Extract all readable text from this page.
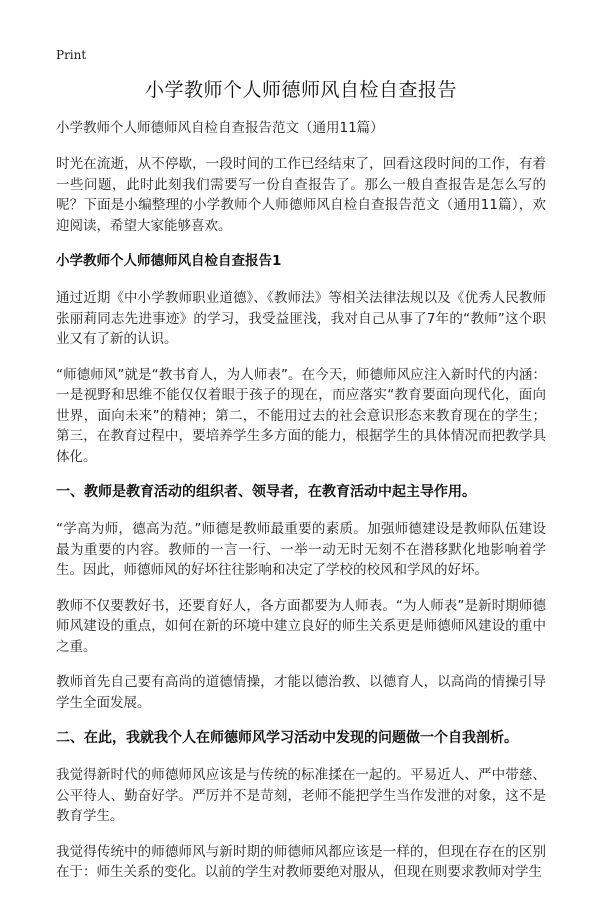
Print
小学教师个人师德师风自检自查报告
小学教师个人师德师风自检自查报告范文（通用11篇）

时光在流逝，从不停歇，一段时间的工作已经结束了，回看这段时间的工作，有着一些问题，此时此刻我们需要写一份自查报告了。那么一般自查报告是怎么写的呢？下面是小编整理的小学教师个人师德师风自检自查报告范文（通用11篇），欢迎阅读，希望大家能够喜欢。

小学教师个人师德师风自检自查报告1

通过近期《中小学教师职业道德》、《教师法》等相关法律法规以及《优秀人民教师张丽莉同志先进事迹》的学习，我受益匪浅，我对自己从事了7年的“教师”这个职业又有了新的认识。

“师德师风”就是“教书育人，为人师表”。在今天，师德师风应注入新时代的内涵：一是视野和思维不能仅仅着眼于孩子的现在，而应落实“教育要面向现代化，面向世界，面向未来”的精神；第二，不能用过去的社会意识形态来教育现在的学生；第三，在教育过程中，要培养学生多方面的能力，根据学生的具体情况而把教学具体化。

一、教师是教育活动的组织者、领导者，在教育活动中起主导作用。

“学高为师，德高为范。”师德是教师最重要的素质。加强师德建设是教师队伍建设最为重要的内容。教师的一言一行、一举一动无时无刻不在潜移默化地影响着学生。因此，师德师风的好坏往往影响和决定了学校的校风和学风的好坏。

教师不仅要教好书，还要育好人，各方面都要为人师表。“为人师表”是新时期师德师风建设的重点，如何在新的环境中建立良好的师生关系更是师德师风建设的重中之重。

教师首先自己要有高尚的道德情操，才能以德治教、以德育人，以高尚的情操引导学生全面发展。

二、在此，我就我个人在师德师风学习活动中发现的问题做一个自我剖析。

我觉得新时代的师德师风应该是与传统的标准揉在一起的。平易近人、严中带慈、公平待人、勤奋好学。严厉并不是苛刻，老师不能把学生当作发泄的对象，这不是教育学生。

我觉得传统中的师德师风与新时期的师德师风都应该是一样的，但现在存在的区别在于：师生关系的变化。以前的学生对教师要绝对服从，但现在则要求教师对学生
